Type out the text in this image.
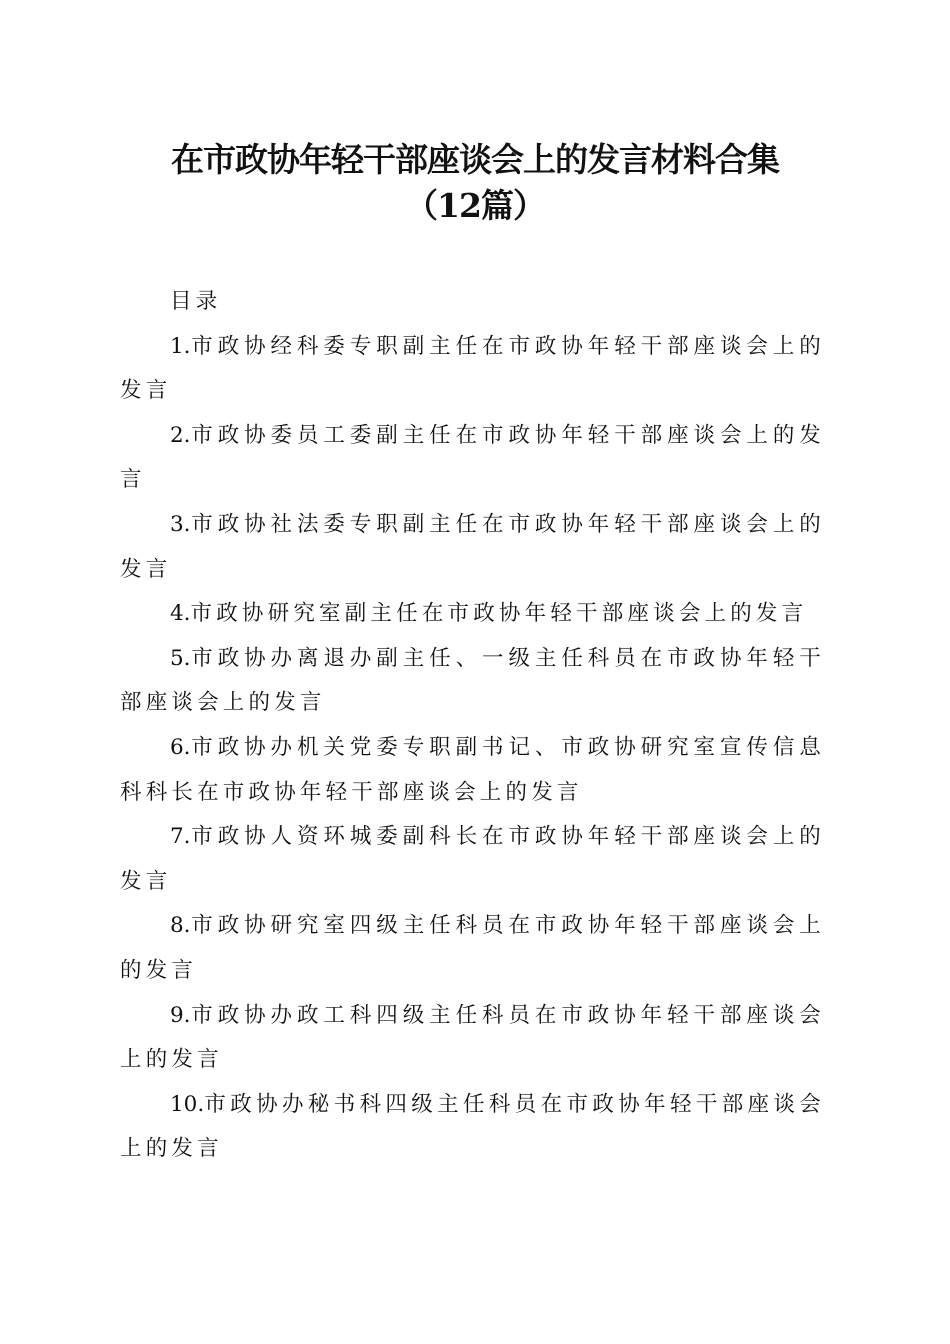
在市政协年轻干部座谈会上的发言材料合集
（12篇）

目录

1.市政协经科委专职副主任在市政协年轻干部座谈会上的发言
2.市政协委员工委副主任在市政协年轻干部座谈会上的发言
3.市政协社法委专职副主任在市政协年轻干部座谈会上的发言
4.市政协研究室副主任在市政协年轻干部座谈会上的发言
5.市政协办离退办副主任、一级主任科员在市政协年轻干部座谈会上的发言
6.市政协办机关党委专职副书记、市政协研究室宣传信息科科长在市政协年轻干部座谈会上的发言
7.市政协人资环城委副科长在市政协年轻干部座谈会上的发言
8.市政协研究室四级主任科员在市政协年轻干部座谈会上的发言
9.市政协办政工科四级主任科员在市政协年轻干部座谈会上的发言
10.市政协办秘书科四级主任科员在市政协年轻干部座谈会上的发言
